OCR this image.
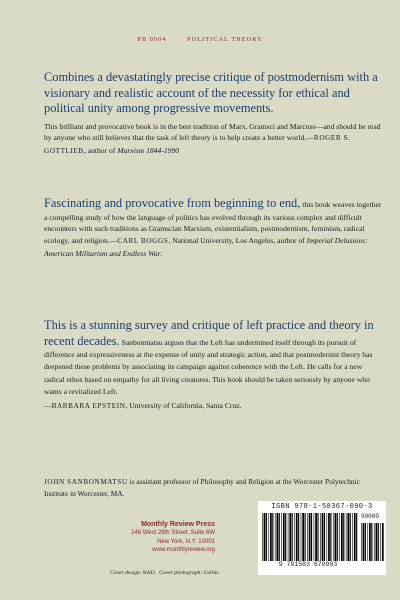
PB 0904	POLITICAL THEORY
Combines a devastatingly precise critique of postmodernism with a visionary and realistic account of the necessity for ethical and political unity among progressive movements.
This brilliant and provocative book is in the best tradition of Marx, Gramsci and Marcuse—and should be read by anyone who still believes that the task of left theory is to help create a better world.—ROGER S. GOTTLIEB, author of Marxism 1844-1990
Fascinating and provocative from beginning to end, this book weaves together a compelling study of how the language of politics has evolved through its various complex and difficult encounters with such traditions as Gramscian Marxism, existentialism, postmodernism, feminism, radical ecology, and religion.—CARL BOGGS, National University, Los Angeles, author of Imperial Delusions: American Militarism and Endless War.
This is a stunning survey and critique of left practice and theory in recent decades. Sanbonmatsu argues that the Left has undermined itself through its pursuit of difference and expressiveness at the expense of unity and strategic action, and that postmodernist theory has deepened these problems by associating its campaign against coherence with the Left. He calls for a new radical ethos based on empathy for all living creatures. This book should be taken seriously by anyone who wants a revitalized Left.
—BARBARA EPSTEIN, University of California, Santa Cruz.
JOHN SANBONMATSU is assistant professor of Philosophy and Religion at the Worcester Polytechnic Institute in Worcester, MA.
Monthly Review Press
146 West 29th Street, Suite 6W
New York, N.Y. 10001
www.monthlyreview.org
Cover design: BAD Cover photograph: Corbis
ISBN 978-1-58367-090-3
90000
9 781583 670903
